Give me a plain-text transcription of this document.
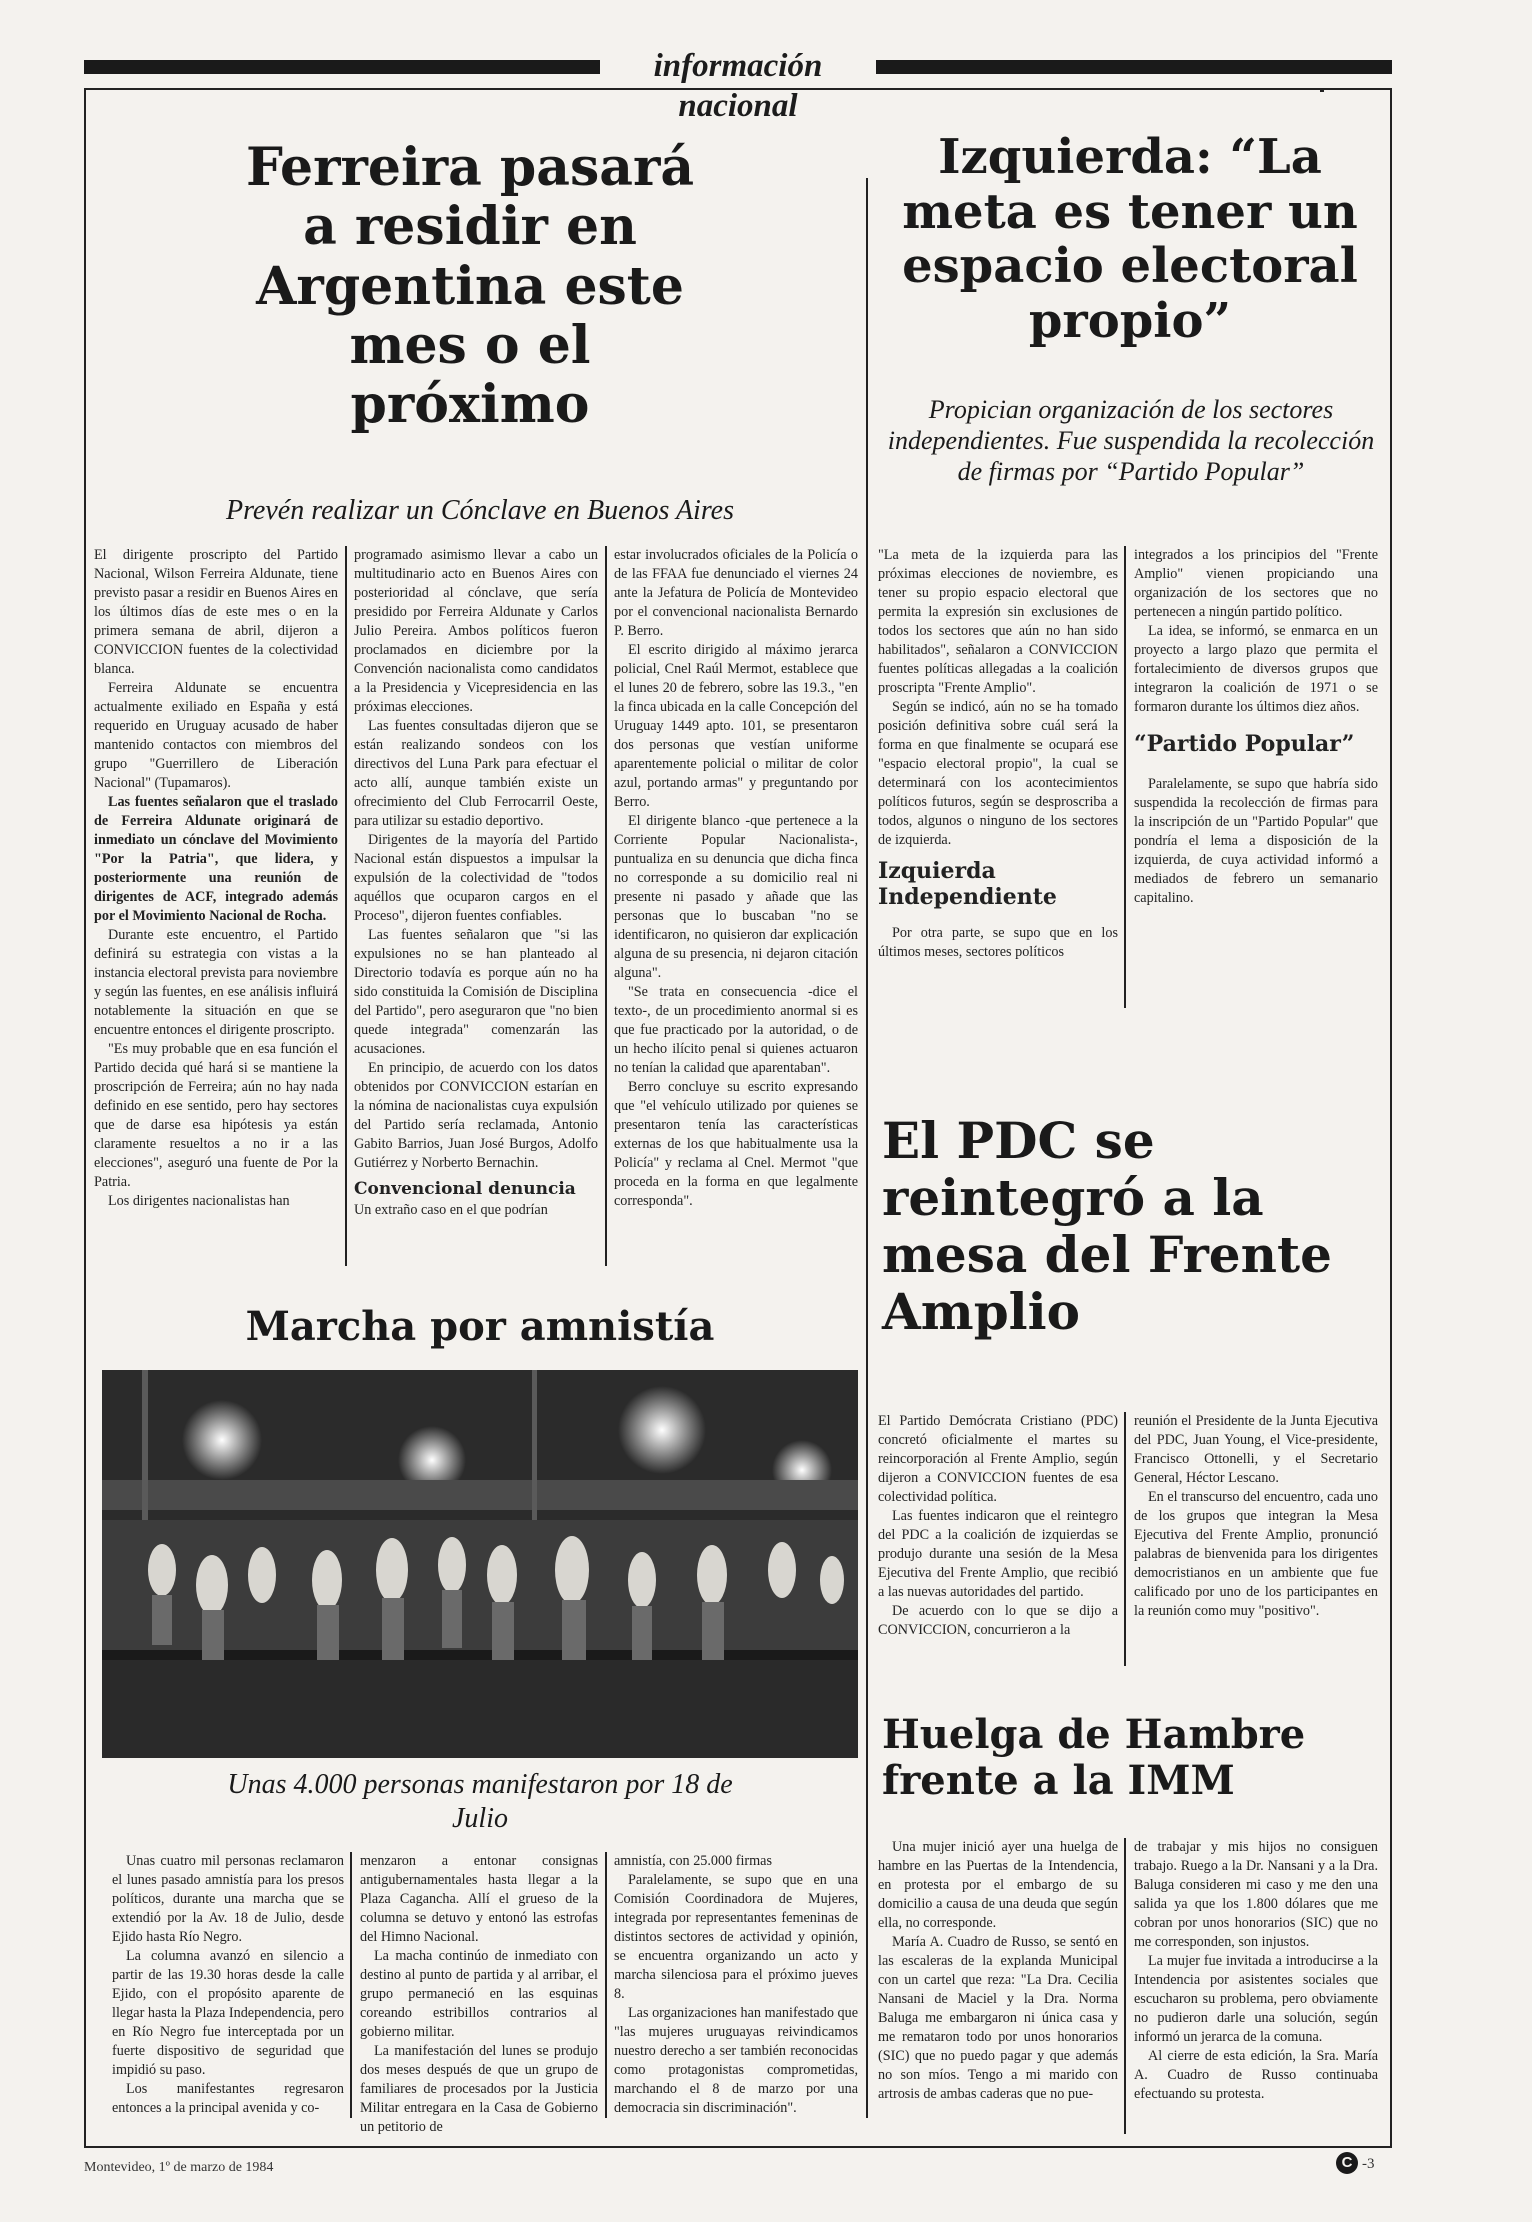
información nacional
Ferreira pasará a residir en Argentina este mes o el próximo
Prevén realizar un Cónclave en Buenos Aires

El dirigente proscripto del Partido Nacional, Wilson Ferreira Aldunate, tiene previsto pasar a residir en Buenos Aires en los últimos días de este mes o en la primera semana de abril, dijeron a CONVICCION fuentes de la colectividad blanca.

Ferreira Aldunate se encuentra actualmente exiliado en España y está requerido en Uruguay acusado de haber mantenido contactos con miembros del grupo "Guerrillero de Liberación Nacional" (Tupamaros).

Las fuentes señalaron que el traslado de Ferreira Aldunate originará de inmediato un cónclave del Movimiento "Por la Patria", que lidera, y posteriormente una reunión de dirigentes de ACF, integrado además por el Movimiento Nacional de Rocha.

Durante este encuentro, el Partido definirá su estrategia con vistas a la instancia electoral prevista para noviembre y según las fuentes, en ese análisis influirá notablemente la situación en que se encuentre entonces el dirigente proscripto.

"Es muy probable que en esa función el Partido decida qué hará si se mantiene la proscripción de Ferreira; aún no hay nada definido en ese sentido, pero hay sectores que de darse esa hipótesis ya están claramente resueltos a no ir a las elecciones", aseguró una fuente de Por la Patria.

Los dirigentes nacionalistas han

programado asimismo llevar a cabo un multitudinario acto en Buenos Aires con posterioridad al cónclave, que sería presidido por Ferreira Aldunate y Carlos Julio Pereira. Ambos políticos fueron proclamados en diciembre por la Convención nacionalista como candidatos a la Presidencia y Vicepresidencia en las próximas elecciones.

Las fuentes consultadas dijeron que se están realizando sondeos con los directivos del Luna Park para efectuar el acto allí, aunque también existe un ofrecimiento del Club Ferrocarril Oeste, para utilizar su estadio deportivo.

Dirigentes de la mayoría del Partido Nacional están dispuestos a impulsar la expulsión de la colectividad de "todos aquéllos que ocuparon cargos en el Proceso", dijeron fuentes confiables.

Las fuentes señalaron que "si las expulsiones no se han planteado al Directorio todavía es porque aún no ha sido constituida la Comisión de Disciplina del Partido", pero aseguraron que "no bien quede integrada" comenzarán las acusaciones.

En principio, de acuerdo con los datos obtenidos por CONVICCION estarían en la nómina de nacionalistas cuya expulsión del Partido sería reclamada, Antonio Gabito Barrios, Juan José Burgos, Adolfo Gutiérrez y Norberto Bernachin.

Convencional denuncia

Un extraño caso en el que podrían

estar involucrados oficiales de la Policía o de las FFAA fue denunciado el viernes 24 ante la Jefatura de Policía de Montevideo por el convencional nacionalista Bernardo P. Berro.

El escrito dirigido al máximo jerarca policial, Cnel Raúl Mermot, establece que el lunes 20 de febrero, sobre las 19.3., "en la finca ubicada en la calle Concepción del Uruguay 1449 apto. 101, se presentaron dos personas que vestían uniforme aparentemente policial o militar de color azul, portando armas" y preguntando por Berro.

El dirigente blanco -que pertenece a la Corriente Popular Nacionalista-, puntualiza en su denuncia que dicha finca no corresponde a su domicilio real ni presente ni pasado y añade que las personas que lo buscaban "no se identificaron, no quisieron dar explicación alguna de su presencia, ni dejaron citación alguna".

"Se trata en consecuencia -dice el texto-, de un procedimiento anormal si es que fue practicado por la autoridad, o de un hecho ilícito penal si quienes actuaron no tenían la calidad que aparentaban".

Berro concluye su escrito expresando que "el vehículo utilizado por quienes se presentaron tenía las características externas de los que habitualmente usa la Policía" y reclama al Cnel. Mermot "que proceda en la forma en que legalmente corresponda".

Izquierda: “La meta es tener un espacio electoral propio”
Propician organización de los sectores independientes. Fue suspendida la recolección de firmas por “Partido Popular”

"La meta de la izquierda para las próximas elecciones de noviembre, es tener su propio espacio electoral que permita la expresión sin exclusiones de todos los sectores que aún no han sido habilitados", señalaron a CONVICCION fuentes políticas allegadas a la coalición proscripta "Frente Amplio".

Según se indicó, aún no se ha tomado posición definitiva sobre cuál será la forma en que finalmente se ocupará ese "espacio electoral propio", la cual se determinará con los acontecimientos políticos futuros, según se desproscriba a todos, algunos o ninguno de los sectores de izquierda.

Izquierda Independiente

Por otra parte, se supo que en los últimos meses, sectores políticos

integrados a los principios del "Frente Amplio" vienen propiciando una organización de los sectores que no pertenecen a ningún partido político.

La idea, se informó, se enmarca en un proyecto a largo plazo que permita el fortalecimiento de diversos grupos que integraron la coalición de 1971 o se formaron durante los últimos diez años.

“Partido Popular”

Paralelamente, se supo que habría sido suspendida la recolección de firmas para la inscripción de un "Partido Popular" que pondría el lema a disposición de la izquierda, de cuya actividad informó a mediados de febrero un semanario capitalino.

El PDC se reintegró a la mesa del Frente Amplio

El Partido Demócrata Cristiano (PDC) concretó oficialmente el martes su reincorporación al Frente Amplio, según dijeron a CONVICCION fuentes de esa colectividad política.

Las fuentes indicaron que el reintegro del PDC a la coalición de izquierdas se produjo durante una sesión de la Mesa Ejecutiva del Frente Amplio, que recibió a las nuevas autoridades del partido.

De acuerdo con lo que se dijo a CONVICCION, concurrieron a la

reunión el Presidente de la Junta Ejecutiva del PDC, Juan Young, el Vice-presidente, Francisco Ottonelli, y el Secretario General, Héctor Lescano.

En el transcurso del encuentro, cada uno de los grupos que integran la Mesa Ejecutiva del Frente Amplio, pronunció palabras de bienvenida para los dirigentes democristianos en un ambiente que fue calificado por uno de los participantes en la reunión como muy "positivo".

Huelga de Hambre frente a la IMM

Una mujer inició ayer una huelga de hambre en las Puertas de la Intendencia, en protesta por el embargo de su domicilio a causa de una deuda que según ella, no corresponde.

María A. Cuadro de Russo, se sentó en las escaleras de la explanda Municipal con un cartel que reza: "La Dra. Cecilia Nansani de Maciel y la Dra. Norma Baluga me embargaron ni única casa y me remataron todo por unos honorarios (SIC) que no puedo pagar y que además no son míos. Tengo a mi marido con artrosis de ambas caderas que no pue-

de trabajar y mis hijos no consiguen trabajo. Ruego a la Dr. Nansani y a la Dra. Baluga consideren mi caso y me den una salida ya que los 1.800 dólares que me cobran por unos honorarios (SIC) que no me corresponden, son injustos.

La mujer fue invitada a introducirse a la Intendencia por asistentes sociales que escucharon su problema, pero obviamente no pudieron darle una solución, según informó un jerarca de la comuna.

Al cierre de esta edición, la Sra. María A. Cuadro de Russo continuaba efectuando su protesta.

Marcha por amnistía
Unas 4.000 personas manifestaron por 18 de Julio

Unas cuatro mil personas reclamaron el lunes pasado amnistía para los presos políticos, durante una marcha que se extendió por la Av. 18 de Julio, desde Ejido hasta Río Negro.

La columna avanzó en silencio a partir de las 19.30 horas desde la calle Ejido, con el propósito aparente de llegar hasta la Plaza Independencia, pero en Río Negro fue interceptada por un fuerte dispositivo de seguridad que impidió su paso.

Los manifestantes regresaron entonces a la principal avenida y co-

menzaron a entonar consignas antigubernamentales hasta llegar a la Plaza Cagancha. Allí el grueso de la columna se detuvo y entonó las estrofas del Himno Nacional.

La macha continúo de inmediato con destino al punto de partida y al arribar, el grupo permaneció en las esquinas coreando estribillos contrarios al gobierno militar.

La manifestación del lunes se produjo dos meses después de que un grupo de familiares de procesados por la Justicia Militar entregara en la Casa de Gobierno un petitorio de

amnistía, con 25.000 firmas

Paralelamente, se supo que en una Comisión Coordinadora de Mujeres, integrada por representantes femeninas de distintos sectores de actividad y opinión, se encuentra organizando un acto y marcha silenciosa para el próximo jueves 8.

Las organizaciones han manifestado que "las mujeres uruguayas reivindicamos nuestro derecho a ser también reconocidas como protagonistas comprometidas, marchando el 8 de marzo por una democracia sin discriminación".

Montevideo, 1º de marzo de 1984	C -3
